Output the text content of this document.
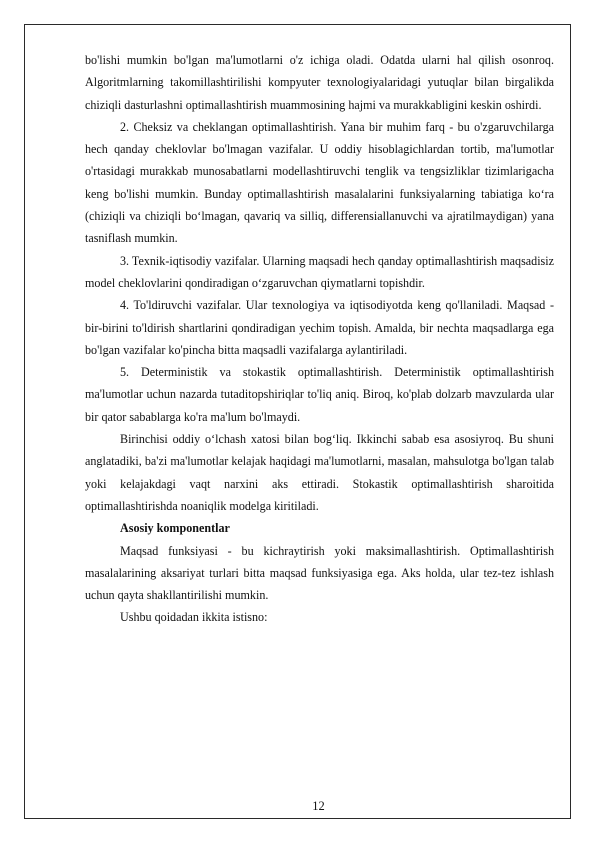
bo'lishi mumkin bo'lgan ma'lumotlarni o'z ichiga oladi. Odatda ularni hal qilish osonroq. Algoritmlarning takomillashtirilishi kompyuter texnologiyalaridagi yutuqlar bilan birgalikda chiziqli dasturlashni optimallashtirish muammosining hajmi va murakkabligini keskin oshirdi.

2. Cheksiz va cheklangan optimallashtirish. Yana bir muhim farq - bu o'zgaruvchilarga hech qanday cheklovlar bo'lmagan vazifalar. U oddiy hisoblagichlardan tortib, ma'lumotlar o'rtasidagi murakkab munosabatlarni modellashtiruvchi tenglik va tengsizliklar tizimlarigacha keng bo'lishi mumkin. Bunday optimallashtirish masalalarini funksiyalarning tabiatiga ko‘ra (chiziqli va chiziqli bo‘lmagan, qavariq va silliq, differensiallanuvchi va ajratilmaydigan) yana tasniflash mumkin.

3. Texnik-iqtisodiy vazifalar. Ularning maqsadi hech qanday optimallashtirish maqsadisiz model cheklovlarini qondiradigan o‘zgaruvchan qiymatlarni topishdir.

4. To'ldiruvchi vazifalar. Ular texnologiya va iqtisodiyotda keng qo'llaniladi. Maqsad - bir-birini to'ldirish shartlarini qondiradigan yechim topish. Amalda, bir nechta maqsadlarga ega bo'lgan vazifalar ko'pincha bitta maqsadli vazifalarga aylantiriladi.

5. Deterministik va stokastik optimallashtirish. Deterministik optimallashtirish ma'lumotlar uchun nazarda tutaditopshiriqlar to'liq aniq. Biroq, ko'plab dolzarb mavzularda ular bir qator sabablarga ko'ra ma'lum bo'lmaydi.

Birinchisi oddiy o‘lchash xatosi bilan bog‘liq. Ikkinchi sabab esa asosiyroq. Bu shuni anglatadiki, ba'zi ma'lumotlar kelajak haqidagi ma'lumotlarni, masalan, mahsulotga bo'lgan talab yoki kelajakdagi vaqt narxini aks ettiradi. Stokastik optimallashtirish sharoitida optimallashtirishda noaniqlik modelga kiritiladi.

Asosiy komponentlar

Maqsad funksiyasi - bu kichraytirish yoki maksimallashtirish. Optimallashtirish masalalarining aksariyat turlari bitta maqsad funksiyasiga ega. Aks holda, ular tez-tez ishlash uchun qayta shakllantirilishi mumkin.

Ushbu qoidadan ikkita istisno:

12
